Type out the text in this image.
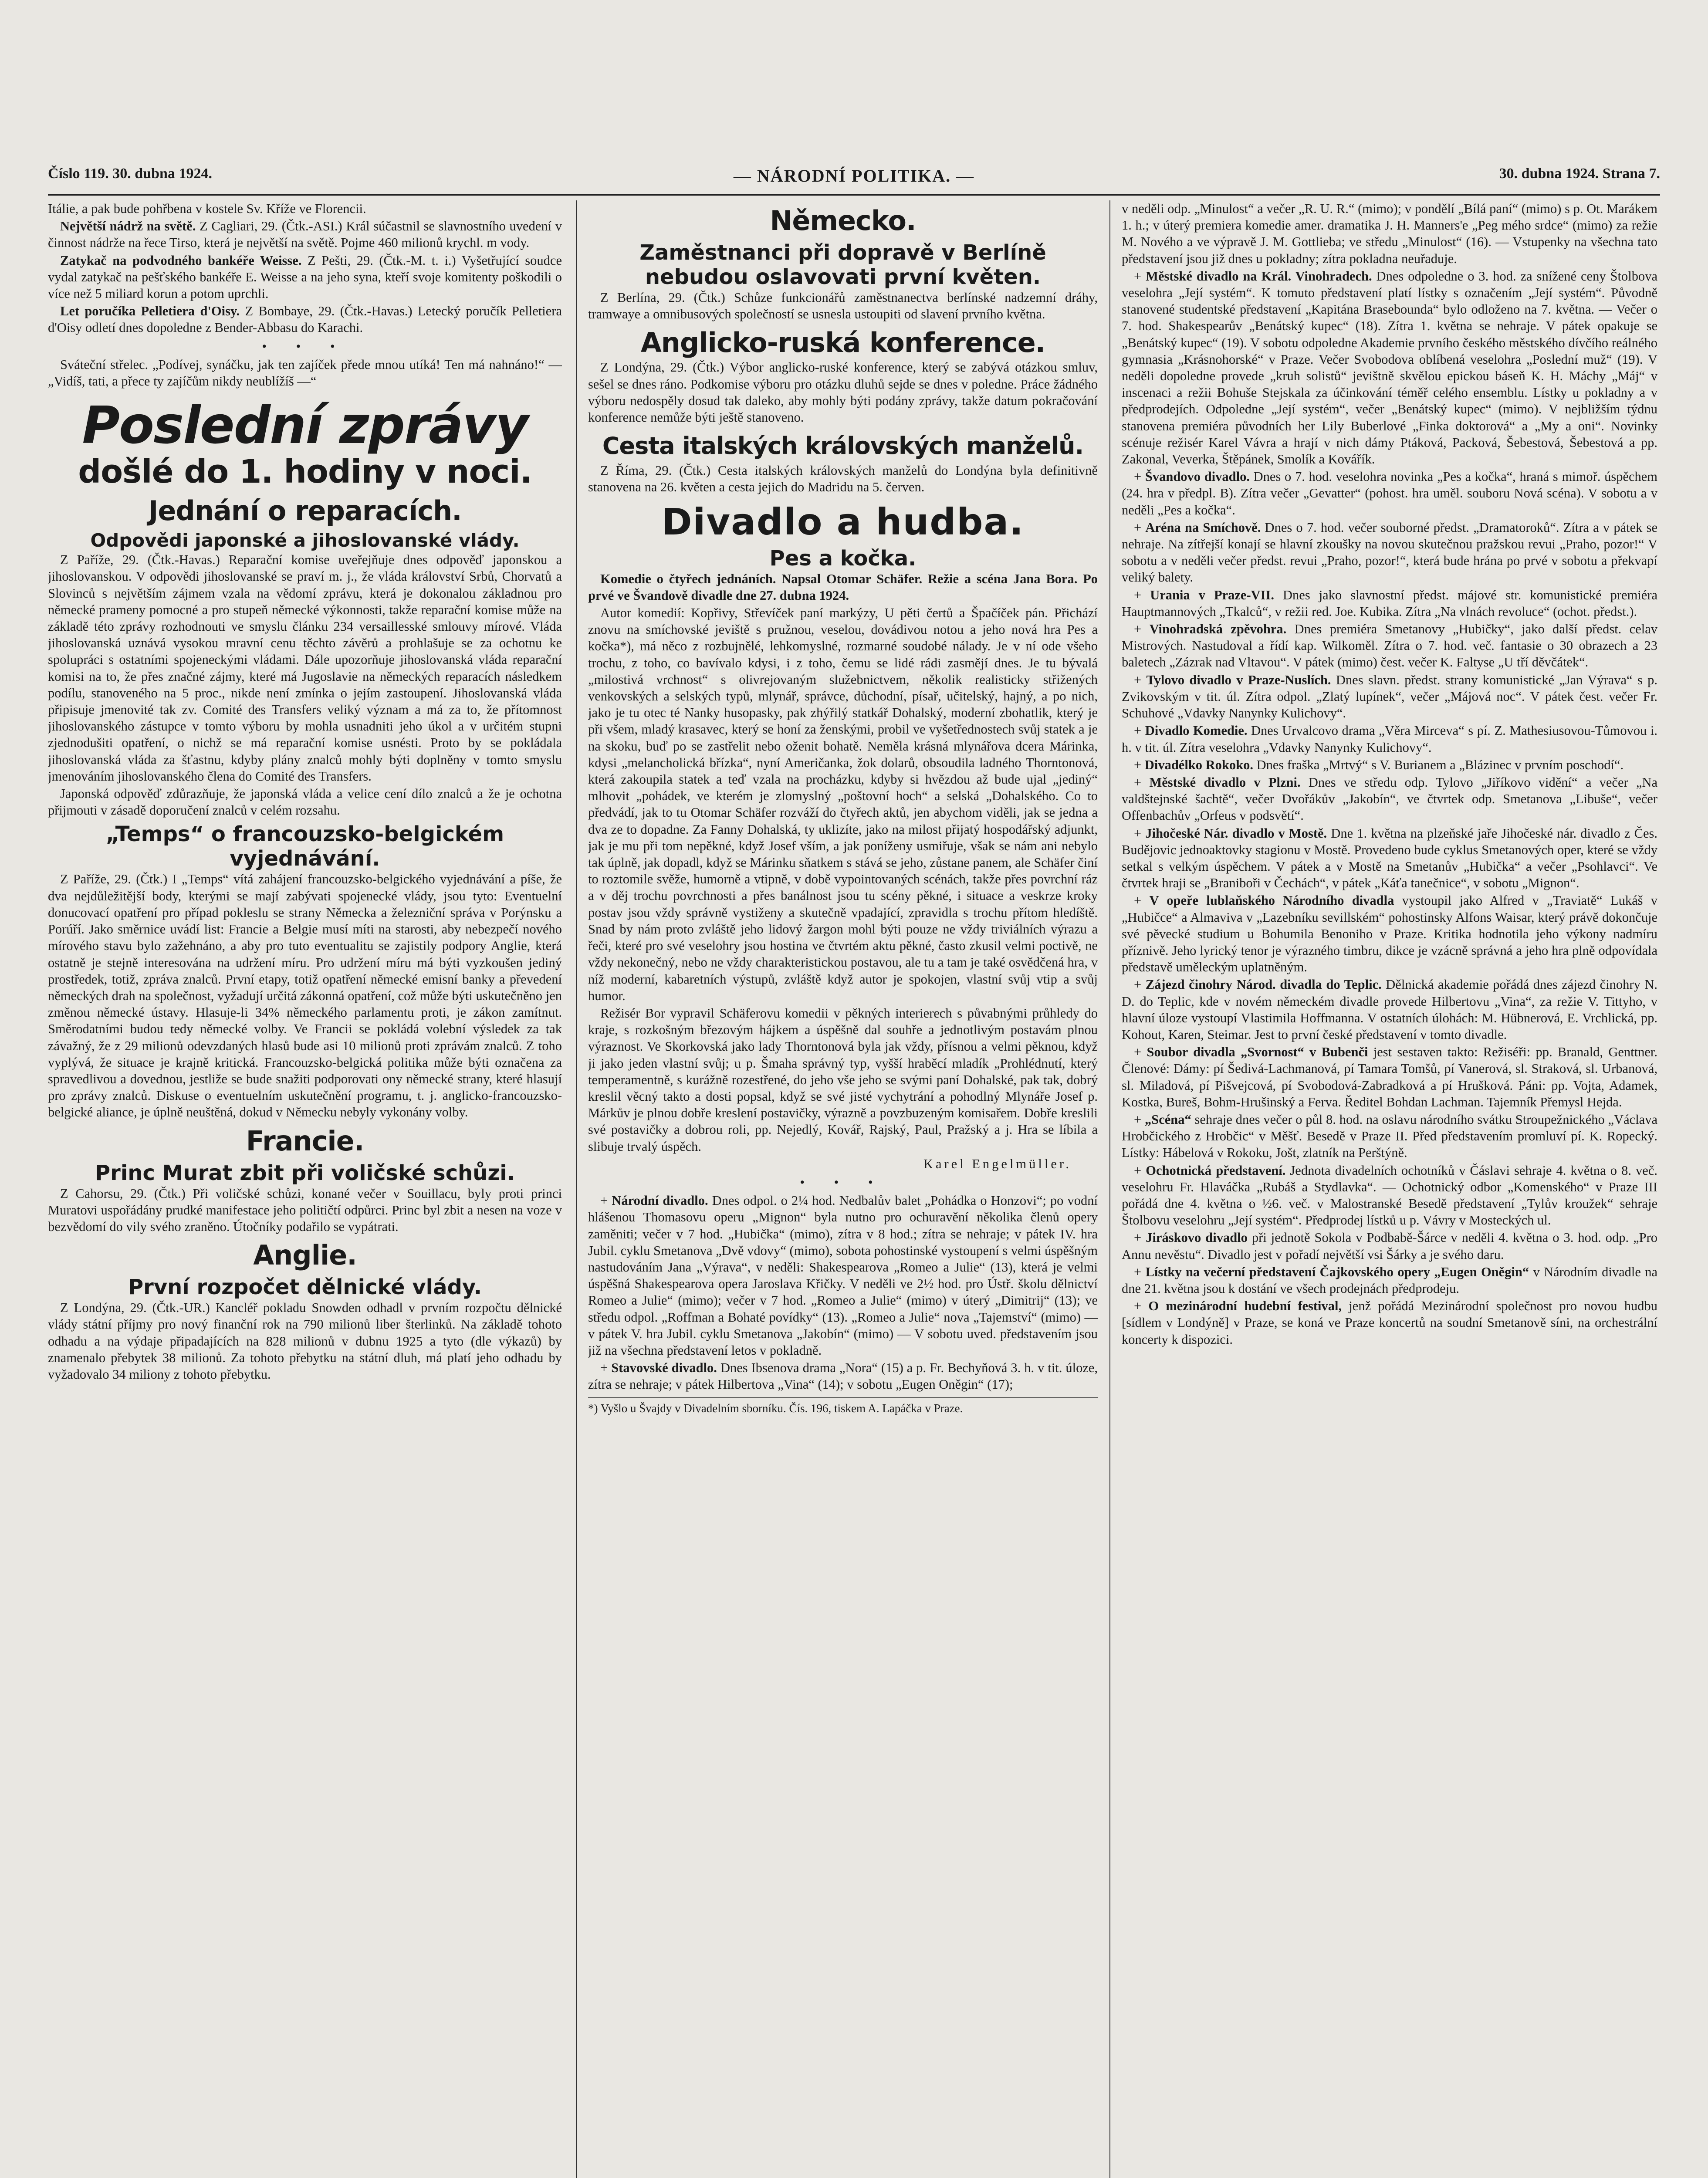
Číslo 119. 30. dubna 1924.	— NÁRODNÍ POLITIKA. —	30. dubna 1924. Strana 7.

Itálie, a pak bude pohřbena v kostele Sv. Kříže ve Florencii.

Největší nádrž na světě. Z Cagliari, 29. (Čtk.-ASI.) Král súčastnil se slavnostního uvedení v činnost nádrže na řece Tirso, která je největší na světě. Pojme 460 milionů krychl. m vody.

Zatykač na podvodného bankéře Weisse. Z Pešti, 29. (Čtk.-M. t. i.) Vyšetřující soudce vydal zatykač na pešťského bankéře E. Weisse a na jeho syna, kteří svoje komitenty poškodili o více než 5 miliard korun a potom uprchli.

Let poručíka Pelletiera d'Oisy. Z Bombaye, 29. (Čtk.-Havas.) Letecký poručík Pelletiera d'Oisy odletí dnes dopoledne z Bender-Abbasu do Karachi.

• • •

Sváteční střelec. „Podívej, synáčku, jak ten zajíček přede mnou utíká! Ten má nahnáno!“ — „Vidíš, tati, a přece ty zajíčům nikdy neublížíš —“

Poslední zprávy
došlé do 1. hodiny v noci.
Jednání o reparacích.
Odpovědi japonské a jihoslovanské vlády.

Z Paříže, 29. (Čtk.-Havas.) Reparační komise uveřejňuje dnes odpověď japonskou a jihoslovanskou. V odpovědi jihoslovanské se praví m. j., že vláda království Srbů, Chorvatů a Slovinců s největším zájmem vzala na vědomí zprávu, která je dokonalou základnou pro německé prameny pomocné a pro stupeň německé výkonnosti, takže reparační komise může na základě této zprávy rozhodnouti ve smyslu článku 234 versaillesské smlouvy mírové. Vláda jihoslovanská uznává vysokou mravní cenu těchto závěrů a prohlašuje se za ochotnu ke spolupráci s ostatními spojeneckými vládami. Dále upozorňuje jihoslovanská vláda reparační komisi na to, že přes značné zájmy, které má Jugoslavie na německých reparacích následkem podílu, stanoveného na 5 proc., nikde není zmínka o jejím zastoupení. Jihoslovanská vláda připisuje jmenovité tak zv. Comité des Transfers veliký význam a má za to, že přítomnost jihoslovanského zástupce v tomto výboru by mohla usnadniti jeho úkol a v určitém stupni zjednodušiti opatření, o nichž se má reparační komise usnésti. Proto by se pokládala jihoslovanská vláda za šťastnu, kdyby plány znalců mohly býti doplněny v tomto smyslu jmenováním jihoslovanského člena do Comité des Transfers.

Japonská odpověď zdůrazňuje, že japonská vláda a velice cení dílo znalců a že je ochotna přijmouti v zásadě doporučení znalců v celém rozsahu.

„Temps“ o francouzsko-belgickém vyjednávání.

Z Paříže, 29. (Čtk.) I „Temps“ vítá zahájení francouzsko-belgického vyjednávání a píše, že dva nejdůležitější body, kterými se mají zabývati spojenecké vlády, jsou tyto: Eventuelní donucovací opatření pro případ pokleslu se strany Německa a železniční správa v Porýnsku a Porúří. Jako směrnice uvádí list: Francie a Belgie musí míti na starosti, aby nebezpečí nového mírového stavu bylo zažehnáno, a aby pro tuto eventualitu se zajistily podpory Anglie, která ostatně je stejně interesována na udržení míru. Pro udržení míru má býti vyzkoušen jediný prostředek, totiž, zpráva znalců. První etapy, totiž opatření německé emisní banky a převedení německých drah na společnost, vyžadují určitá zákonná opatření, což může býti uskutečněno jen změnou německé ústavy. Hlasuje-li 34% německého parlamentu proti, je zákon zamítnut. Směrodatními budou tedy německé volby. Ve Francii se pokládá volební výsledek za tak závažný, že z 29 milionů odevzdaných hlasů bude asi 10 milionů proti zprávám znalců. Z toho vyplývá, že situace je krajně kritická. Francouzsko-belgická politika může býti označena za spravedlivou a dovednou, jestliže se bude snažiti podporovati ony německé strany, které hlasují pro zprávy znalců. Diskuse o eventuelním uskutečnění programu, t. j. anglicko-francouzsko-belgické aliance, je úplně neuštěná, dokud v Německu nebyly vykonány volby.

Francie.
Princ Murat zbit při voličské schůzi.

Z Cahorsu, 29. (Čtk.) Při voličské schůzi, konané večer v Souillacu, byly proti princi Muratovi uspořádány prudké manifestace jeho političtí odpůrci. Princ byl zbit a nesen na voze v bezvědomí do vily svého zraněno. Útočníky podařilo se vypátrati.

Anglie.
První rozpočet dělnické vlády.

Z Londýna, 29. (Čtk.-UR.) Kancléř pokladu Snowden odhadl v prvním rozpočtu dělnické vlády státní příjmy pro nový finanční rok na 790 milionů liber šterlinků. Na základě tohoto odhadu a na výdaje připadajících na 828 milionů v dubnu 1925 a tyto (dle výkazů) by znamenalo přebytek 38 milionů. Za tohoto přebytku na státní dluh, má platí jeho odhadu by vyžadovalo 34 miliony z tohoto přebytku.

Německo.
Zaměstnanci při dopravě v Berlíně nebudou oslavovati první květen.

Z Berlína, 29. (Čtk.) Schůze funkcionářů zaměstnanectva berlínské nadzemní dráhy, tramwaye a omnibusových společností se usnesla ustoupiti od slavení prvního května.

Anglicko-ruská konference.

Z Londýna, 29. (Čtk.) Výbor anglicko-ruské konference, který se zabývá otázkou smluv, sešel se dnes ráno. Podkomise výboru pro otázku dluhů sejde se dnes v poledne. Práce žádného výboru nedospěly dosud tak daleko, aby mohly býti podány zprávy, takže datum pokračování konference nemůže býti ještě stanoveno.

Cesta italských královských manželů.

Z Říma, 29. (Čtk.) Cesta italských královských manželů do Londýna byla definitivně stanovena na 26. květen a cesta jejich do Madridu na 5. červen.

Divadlo a hudba.
Pes a kočka.

Komedie o čtyřech jednáních. Napsal Otomar Schäfer. Režie a scéna Jana Bora. Po prvé ve Švandově divadle dne 27. dubna 1924.

Autor komedií: Kopřivy, Střevíček paní markýzy, U pěti čertů a Špačíček pán. Přichází znovu na smíchovské jeviště s pružnou, veselou, dovádivou notou a jeho nová hra Pes a kočka*), má něco z rozbujnělé, lehkomyslné, rozmarné soudobé nálady. Je v ní ode všeho trochu, z toho, co bavívalo kdysi, i z toho, čemu se lidé rádi zasmějí dnes. Je tu bývalá „milostivá vrchnost“ s olivrejovaným služebnictvem, několik realisticky střižených venkovských a selských typů, mlynář, správce, důchodní, písař, učitelský, hajný, a po nich, jako je tu otec té Nanky husopasky, pak zhýřilý statkář Dohalský, moderní zbohatlik, který je při všem, mladý krasavec, který se honí za ženskými, probil ve vyšetřednostech svůj statek a je na skoku, buď po se zastřelit nebo oženit bohatě. Neměla krásná mlynářova dcera Márinka, kdysi „melancholická břízka“, nyní Američanka, žok dolarů, obsoudila ladného Thorntonová, která zakoupila statek a teď vzala na procházku, kdyby si hvězdou až bude ujal „jediný“ mlhovit „pohádek, ve kterém je zlomyslný „poštovní hoch“ a selská „Dohalského. Co to předvádí, jak to tu Otomar Schäfer rozváží do čtyřech aktů, jen abychom viděli, jak se jedna a dva ze to dopadne. Za Fanny Dohalská, ty uklizíte, jako na milost přijatý hospodářský adjunkt, jak je mu při tom nepěkné, když Josef vším, a jak poníženy usmiřuje, však se nám ani nebylo tak úplně, jak dopadl, když se Márinku sňatkem s stává se jeho, zůstane panem, ale Schäfer činí to roztomile svěže, humorně a vtipně, v době vypointovaných scénách, takže přes povrchní ráz a v děj trochu povrchnosti a přes banálnost jsou tu scény pěkné, i situace a veskrze kroky postav jsou vždy správně vystiženy a skutečně vpadající, zpravidla s trochu přítom hledíště. Snad by nám proto zvláště jeho lidový žargon mohl býti pouze ne vždy triviálních výrazu a řeči, které pro své veselohry jsou hostina ve čtvrtém aktu pěkné, často zkusil velmi poctivě, ne vždy nekonečný, nebo ne vždy charakteristickou postavou, ale tu a tam je také osvědčená hra, v níž moderní, kabaretních výstupů, zvláště když autor je spokojen, vlastní svůj vtip a svůj humor.

Režisér Bor vypravil Schäferovu komedii v pěkných interierech s půvabnými průhledy do kraje, s rozkošným březovým hájkem a úspěšně dal souhře a jednotlivým postavám plnou výraznost. Ve Skorkovská jako lady Thorntonová byla jak vždy, přísnou a velmi pěknou, když ji jako jeden vlastní svůj; u p. Šmaha správný typ, vyšší hraběcí mladík „Prohlédnutí, který temperamentně, s kurážně rozestřené, do jeho vše jeho se svými paní Dohalské, pak tak, dobrý kreslil věcný takto a dosti popsal, když se své jisté vychytrání a pohodlný Mlynáře Josef p. Márkův je plnou dobře kreslení postavičky, výrazně a povzbuzeným komisařem. Dobře kreslili své postavičky a dobrou roli, pp. Nejedlý, Kovář, Rajský, Paul, Pražský a j. Hra se líbila a slibuje trvalý úspěch.

Karel Engelmüller.
• • •

+ Národní divadlo. Dnes odpol. o 2¼ hod. Nedbalův balet „Pohádka o Honzovi“; po vodní hlášenou Thomasovu operu „Mignon“ byla nutno pro ochuravění několika členů opery zaměniti; večer v 7 hod. „Hubička“ (mimo), zítra v 8 hod.; zítra se nehraje; v pátek IV. hra Jubil. cyklu Smetanova „Dvě vdovy“ (mimo), sobota pohostinské vystoupení s velmi úspěšným nastudováním Jana „Výrava“, v neděli: Shakespearova „Romeo a Julie“ (13), která je velmi úspěšná Shakespearova opera Jaroslava Křičky. V neděli ve 2½ hod. pro Ústř. školu dělnictví Romeo a Julie“ (mimo); večer v 7 hod. „Romeo a Julie“ (mimo) v úterý „Dimitrij“ (13); ve středu odpol. „Roffman a Bohaté povídky“ (13). „Romeo a Julie“ nova „Tajemství“ (mimo) — v pátek V. hra Jubil. cyklu Smetanova „Jakobín“ (mimo) — V sobotu uved. představením jsou již na všechna představení letos v pokladně.

+ Stavovské divadlo. Dnes Ibsenova drama „Nora“ (15) a p. Fr. Bechyňová 3. h. v tit. úloze, zítra se nehraje; v pátek Hilbertova „Vina“ (14); v sobotu „Eugen Oněgin“ (17);

*) Vyšlo u Švajdy v Divadelním sborníku. Čís. 196, tiskem A. Lapáčka v Praze.

v neděli odp. „Minulost“ a večer „R. U. R.“ (mimo); v pondělí „Bílá paní“ (mimo) s p. Ot. Marákem 1. h.; v úterý premiera komedie amer. dramatika J. H. Manners'e „Peg mého srdce“ (mimo) za režie M. Nového a ve výpravě J. M. Gottlieba; ve středu „Minulost“ (16). — Vstupenky na všechna tato představení jsou již dnes u pokladny; zítra pokladna neuřaduje.

+ Městské divadlo na Král. Vinohradech. Dnes odpoledne o 3. hod. za snížené ceny Štolbova veselohra „Její systém“. K tomuto představení platí lístky s označením „Její systém“. Původně stanovené studentské představení „Kapitána Brasebounda“ bylo odloženo na 7. května. — Večer o 7. hod. Shakespearův „Benátský kupec“ (18). Zítra 1. května se nehraje. V pátek opakuje se „Benátský kupec“ (19). V sobotu odpoledne Akademie prvního českého městského dívčího reálného gymnasia „Krásnohorské“ v Praze. Večer Svobodova oblíbená veselohra „Poslední muž“ (19). V neděli dopoledne provede „kruh solistů“ jevištně skvělou epickou báseň K. H. Máchy „Máj“ v inscenaci a režii Bohuše Stejskala za účinkování téměř celého ensemblu. Lístky u pokladny a v předprodejích. Odpoledne „Její systém“, večer „Benátský kupec“ (mimo). V nejbližším týdnu stanovena premiéra původních her Lily Buberlové „Finka doktorová“ a „My a oni“. Novinky scénuje režisér Karel Vávra a hrají v nich dámy Ptáková, Packová, Šebestová, Šebestová a pp. Zakonal, Veverka, Štěpánek, Smolík a Kovářík.

+ Švandovo divadlo. Dnes o 7. hod. veselohra novinka „Pes a kočka“, hraná s mimoř. úspěchem (24. hra v předpl. B). Zítra večer „Gevatter“ (pohost. hra uměl. souboru Nová scéna). V sobotu a v neděli „Pes a kočka“.

+ Aréna na Smíchově. Dnes o 7. hod. večer souborné předst. „Dramatoroků“. Zítra a v pátek se nehraje. Na zítřejší konají se hlavní zkoušky na novou skutečnou pražskou revui „Praho, pozor!“ V sobotu a v neděli večer předst. revui „Praho, pozor!“, která bude hrána po prvé v sobotu a překvapí veliký balety.

+ Urania v Praze-VII. Dnes jako slavnostní předst. májové str. komunistické premiéra Hauptmannových „Tkalců“, v režii red. Joe. Kubika. Zítra „Na vlnách revoluce“ (ochot. předst.).

+ Vinohradská zpěvohra. Dnes premiéra Smetanovy „Hubičky“, jako další předst. celav Mistrových. Nastudoval a řídí kap. Wilkoměl. Zítra o 7. hod. več. fantasie o 30 obrazech a 23 baletech „Zázrak nad Vltavou“. V pátek (mimo) čest. večer K. Faltyse „U tří děvčátek“.

+ Tylovo divadlo v Praze-Nuslích. Dnes slavn. předst. strany komunistické „Jan Výrava“ s p. Zvikovským v tit. úl. Zítra odpol. „Zlatý lupínek“, večer „Májová noc“. V pátek čest. večer Fr. Schuhové „Vdavky Nanynky Kulichovy“.

+ Divadlo Komedie. Dnes Urvalcovo drama „Věra Mirceva“ s pí. Z. Mathesiusovou-Tůmovou i. h. v tit. úl. Zítra veselohra „Vdavky Nanynky Kulichovy“.

+ Divadélko Rokoko. Dnes fraška „Mrtvý“ s V. Burianem a „Blázinec v prvním poschodí“.

+ Městské divadlo v Plzni. Dnes ve středu odp. Tylovo „Jiříkovo vidění“ a večer „Na valdštejnské šachtě“, večer Dvořákův „Jakobín“, ve čtvrtek odp. Smetanova „Libuše“, večer Offenbachův „Orfeus v podsvětí“.

+ Jihočeské Nár. divadlo v Mostě. Dne 1. května na plzeňské jaře Jihočeské nár. divadlo z Čes. Budějovic jednoaktovky stagionu v Mostě. Provedeno bude cyklus Smetanových oper, které se vždy setkal s velkým úspěchem. V pátek a v Mostě na Smetanův „Hubička“ a večer „Psohlavci“. Ve čtvrtek hraji se „Braniboři v Čechách“, v pátek „Káťa tanečnice“, v sobotu „Mignon“.

+ V opeře lublaňského Národního divadla vystoupil jako Alfred v „Traviatě“ Lukáš v „Hubičce“ a Almaviva v „Lazebníku sevillském“ pohostinsky Alfons Waisar, který právě dokončuje své pěvecké studium u Bohumila Benoniho v Praze. Kritika hodnotila jeho výkony nadmíru příznivě. Jeho lyrický tenor je výrazného timbru, dikce je vzácně správná a jeho hra plně odpovídala představě uměleckým uplatněným.

+ Zájezd činohry Národ. divadla do Teplic. Dělnická akademie pořádá dnes zájezd činohry N. D. do Teplic, kde v novém německém divadle provede Hilbertovu „Vina“, za režie V. Tittyho, v hlavní úloze vystoupí Vlastimila Hoffmanna. V ostatních úlohách: M. Hübnerová, E. Vrchlická, pp. Kohout, Karen, Steimar. Jest to první české představení v tomto divadle.

+ Soubor divadla „Svornost“ v Bubenči jest sestaven takto: Režiséři: pp. Branald, Genttner. Členové: Dámy: pí Šedivá-Lachmanová, pí Tamara Tomšů, pí Vanerová, sl. Straková, sl. Urbanová, sl. Miladová, pí Pišvejcová, pí Svobodová-Zabradková a pí Hrušková. Páni: pp. Vojta, Adamek, Kostka, Bureš, Bohm-Hrušinský a Ferva. Ředitel Bohdan Lachman. Tajemník Přemysl Hejda.

+ „Scéna“ sehraje dnes večer o půl 8. hod. na oslavu národního svátku Stroupežnického „Václava Hrobčického z Hrobčic“ v Měšť. Besedě v Praze II. Před představením promluví pí. K. Ropecký. Lístky: Hábelová v Rokoku, Jošt, zlatník na Perštýně.

+ Ochotnická představení. Jednota divadelních ochotníků v Čáslavi sehraje 4. května o 8. več. veselohru Fr. Hlaváčka „Rubáš a Stydlavka“. — Ochotnický odbor „Komenského“ v Praze III pořádá dne 4. května o ½6. več. v Malostranské Besedě představení „Tylův kroužek“ sehraje Štolbovu veselohru „Její systém“. Předprodej lístků u p. Vávry v Mosteckých ul.

+ Jiráskovo divadlo při jednotě Sokola v Podbabě-Šárce v neděli 4. května o 3. hod. odp. „Pro Annu nevěstu“. Divadlo jest v pořadí největší vsi Šárky a je svého daru.

+ Lístky na večerní představení Čajkovského opery „Eugen Oněgin“ v Národním divadle na dne 21. května jsou k dostání ve všech prodejnách předprodeju.

+ O mezinárodní hudební festival, jenž pořádá Mezinárodní společnost pro novou hudbu [sídlem v Londýně] v Praze, se koná ve Praze koncertů na soudní Smetanově síni, na orchestrální koncerty k dispozici.
